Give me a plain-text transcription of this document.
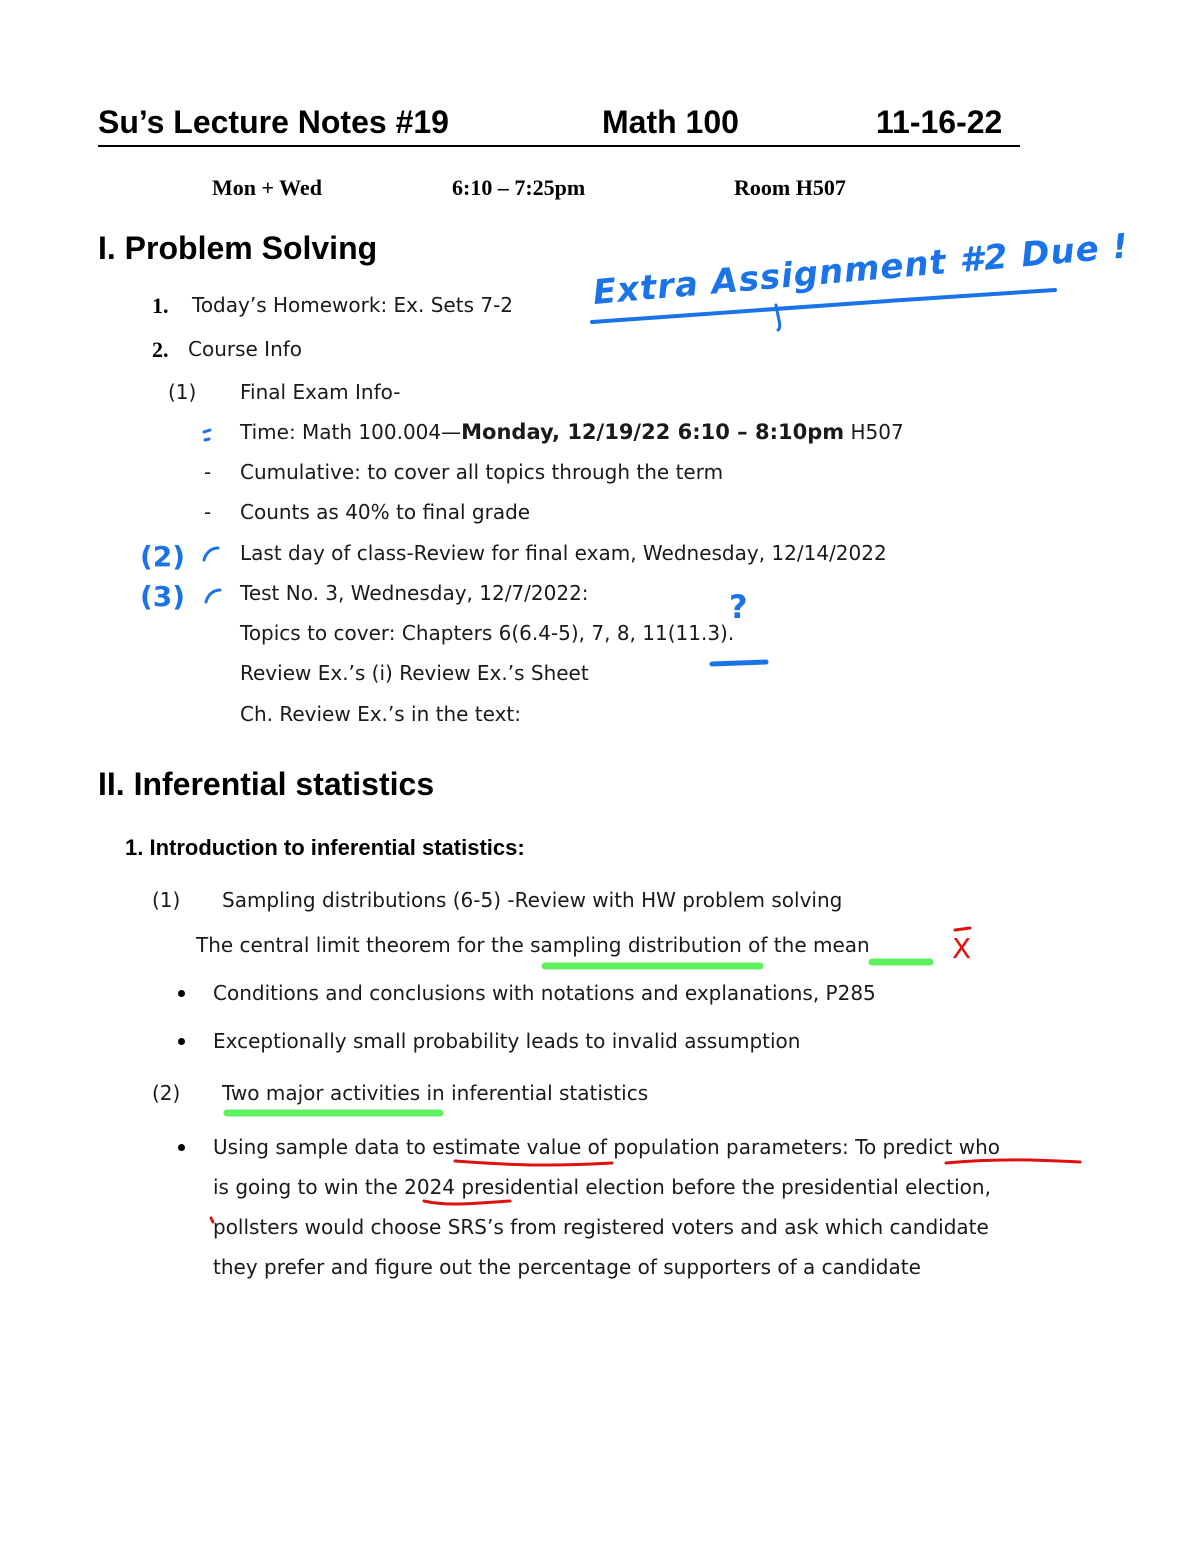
Su’s Lecture Notes #19	Math 100	11-16-22
Mon + Wed	6:10 – 7:25pm	Room H507
I. Problem Solving
1. Today’s Homework: Ex. Sets 7-2
2. Course Info
(1) Final Exam Info-
Time: Math 100.004—Monday, 12/19/22 6:10 – 8:10pm H507
- Cumulative: to cover all topics through the term
- Counts as 40% to final grade
Last day of class-Review for final exam, Wednesday, 12/14/2022
Test No. 3, Wednesday, 12/7/2022:
Topics to cover: Chapters 6(6.4-5), 7, 8, 11(11.3).
Review Ex.’s (i) Review Ex.’s Sheet
Ch. Review Ex.’s in the text:
II. Inferential statistics
1. Introduction to inferential statistics:
(1) Sampling distributions (6-5) -Review with HW problem solving
The central limit theorem for the sampling distribution of the mean
Conditions and conclusions with notations and explanations, P285
Exceptionally small probability leads to invalid assumption
(2) Two major activities in inferential statistics
Using sample data to estimate value of population parameters: To predict who
is going to win the 2024 presidential election before the presidential election,
pollsters would choose SRS’s from registered voters and ask which candidate
they prefer and figure out the percentage of supporters of a candidate
Extra Assignment #2 Due !
(2)
(3)	?
X
